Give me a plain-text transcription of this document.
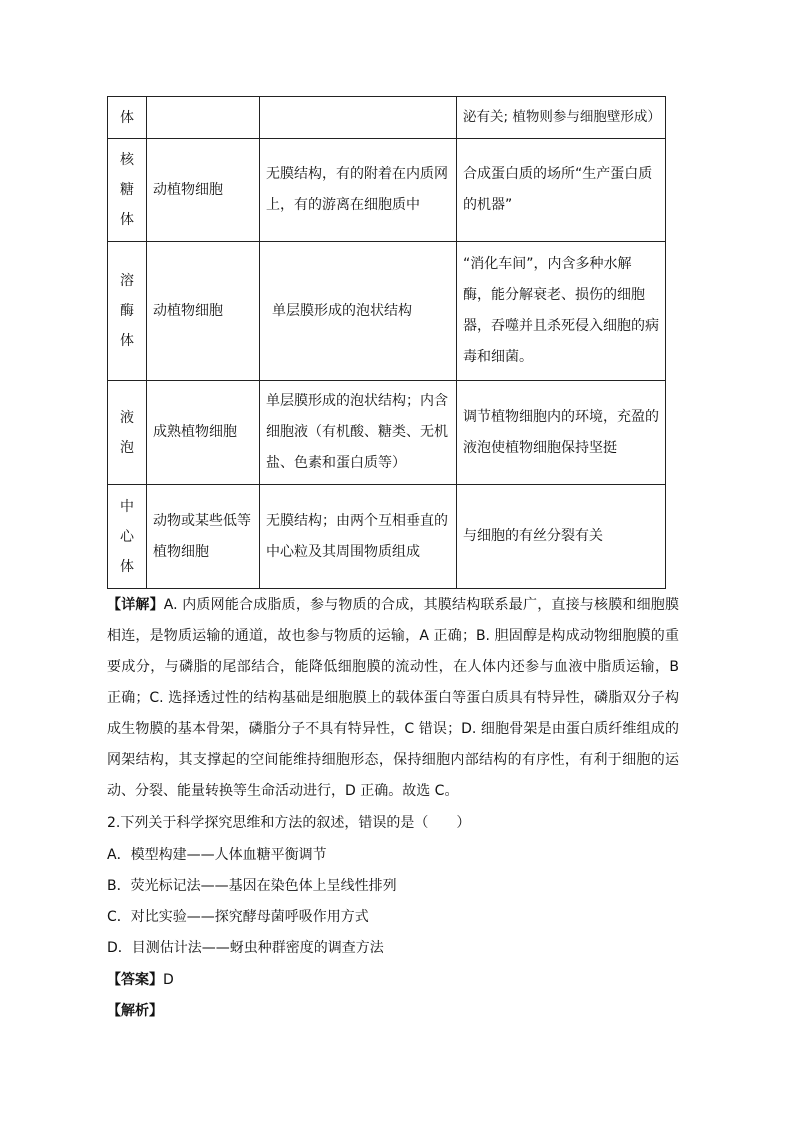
体			泌有关; 植物则参与细胞壁形成）

核糖体	动植物细胞	无膜结构，有的附着在内质网上，有的游离在细胞质中	合成蛋白质的场所“生产蛋白质的机器”

溶酶体	动植物细胞	单层膜形成的泡状结构	“消化车间”，内含多种水解酶，能分解衰老、损伤的细胞器，吞噬并且杀死侵入细胞的病毒和细菌。

液泡	成熟植物细胞	单层膜形成的泡状结构；内含细胞液（有机酸、糖类、无机盐、色素和蛋白质等）	调节植物细胞内的环境，充盈的液泡使植物细胞保持坚挺

中心体	动物或某些低等植物细胞	无膜结构；由两个互相垂直的中心粒及其周围物质组成	与细胞的有丝分裂有关
【详解】A. 内质网能合成脂质，参与物质的合成，其膜结构联系最广，直接与核膜和细胞膜相连，是物质运输的通道，故也参与物质的运输，A 正确；B. 胆固醇是构成动物细胞膜的重要成分，与磷脂的尾部结合，能降低细胞膜的流动性，在人体内还参与血液中脂质运输，B 正确；C. 选择透过性的结构基础是细胞膜上的载体蛋白等蛋白质具有特异性，磷脂双分子构成生物膜的基本骨架，磷脂分子不具有特异性，C 错误；D. 细胞骨架是由蛋白质纤维组成的网架结构，其支撑起的空间能维持细胞形态，保持细胞内部结构的有序性，有利于细胞的运动、分裂、能量转换等生命活动进行，D 正确。故选 C。
2.下列关于科学探究思维和方法的叙述，错误的是（　　）
A．模型构建——人体血糖平衡调节
B．荧光标记法——基因在染色体上呈线性排列
C．对比实验——探究酵母菌呼吸作用方式
D．目测估计法——蚜虫种群密度的调查方法
【答案】D
【解析】
